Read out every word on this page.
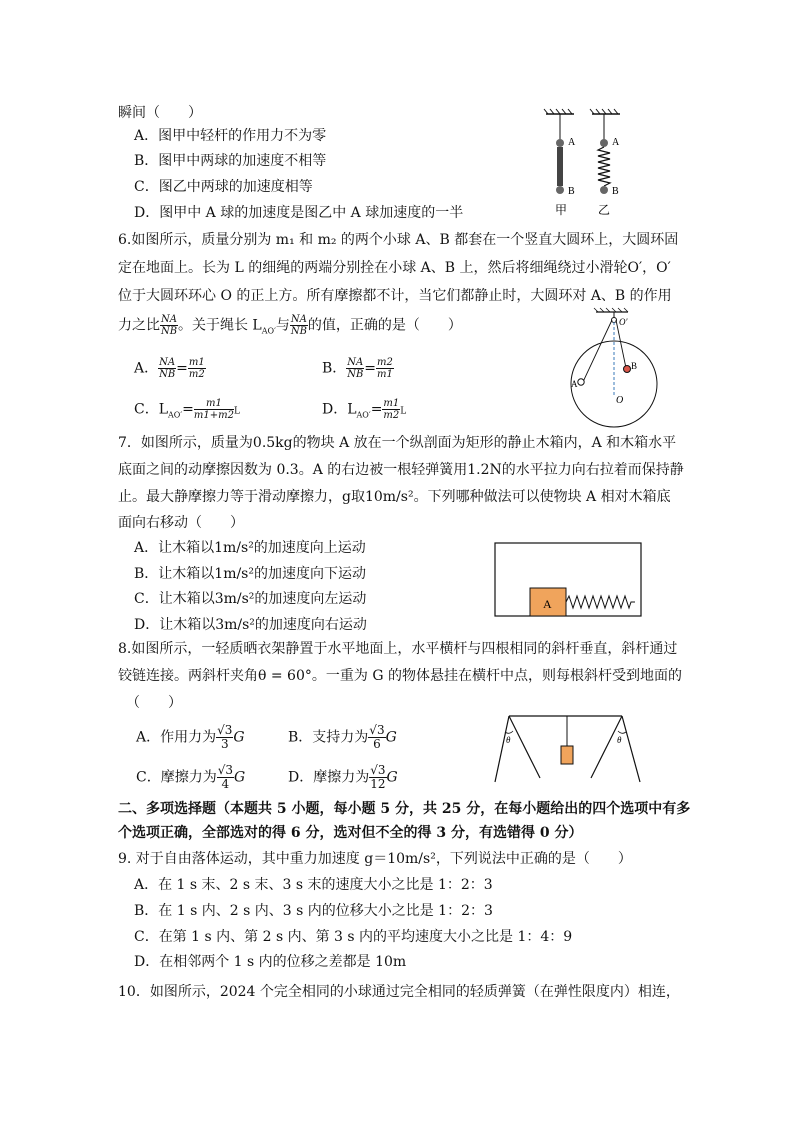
瞬间（　　）
A．图甲中轻杆的作用力不为零
B．图甲中两球的加速度不相等
C．图乙中两球的加速度相等
D．图甲中 A 球的加速度是图乙中 A 球加速度的一半
A
B
A
B
甲	乙
6.如图所示，质量分别为 m₁ 和 m₂ 的两个小球 A、B 都套在一个竖直大圆环上，大圆环固
定在地面上。长为 L 的细绳的两端分别拴在小球 A、B 上，然后将细绳绕过小滑轮O′，O′
位于大圆环环心 O 的正上方。所有摩擦都不计，当它们都静止时，大圆环对 A、B 的作用
力之比 $\frac{NA}{NB}$ 。关于绳长 $L_{AO'}$与 $\frac{NA}{NB}$ 的值，正确的是（　　）
A． $\frac{NA}{NB} = \frac{m1}{m2}$	B． $\frac{NA}{NB} = \frac{m2}{m1}$
C．$L_{AO'}= \frac{m1}{m1+m2}$ L	D．$L_{AO'}= \frac{m1}{m2}$ L
O′
A
B
O
7．如图所示，质量为0.5kg的物块 A 放在一个纵剖面为矩形的静止木箱内，A 和木箱水平
底面之间的动摩擦因数为 0.3。A 的右边被一根轻弹簧用1.2N的水平拉力向右拉着而保持静
止。最大静摩擦力等于滑动摩擦力，g取10m/s²。下列哪种做法可以使物块 A 相对木箱底
面向右移动（　　）
A．让木箱以1m/s²的加速度向上运动
B．让木箱以1m/s²的加速度向下运动
C．让木箱以3m/s²的加速度向左运动
D．让木箱以3m/s²的加速度向右运动
A
8.如图所示，一轻质晒衣架静置于水平地面上，水平横杆与四根相同的斜杆垂直，斜杆通过
铰链连接。两斜杆夹角θ = 60°。一重为 G 的物体悬挂在横杆中点，则每根斜杆受到地面的
（　　）
A．作用力为 $\frac{√3}{3}$ G	B．支持力为 $\frac{√3}{6}$ G
C．摩擦力为 $\frac{√3}{4}$ G	D．摩擦力为 $\frac{√3}{12}$ G
θ	θ
二、多项选择题（本题共 5 小题，每小题 5 分，共 25 分，在每小题给出的四个选项中有多
个选项正确，全部选对的得 6 分，选对但不全的得 3 分，有选错得 0 分）
9. 对于自由落体运动，其中重力加速度 g＝10m/s²，下列说法中正确的是（　　）
A．在 1 s 末、2 s 末、3 s 末的速度大小之比是 1：2：3
B．在 1 s 内、2 s 内、3 s 内的位移大小之比是 1：2：3
C．在第 1 s 内、第 2 s 内、第 3 s 内的平均速度大小之比是 1：4：9
D．在相邻两个 1 s 内的位移之差都是 10m
10．如图所示，2024 个完全相同的小球通过完全相同的轻质弹簧（在弹性限度内）相连，
